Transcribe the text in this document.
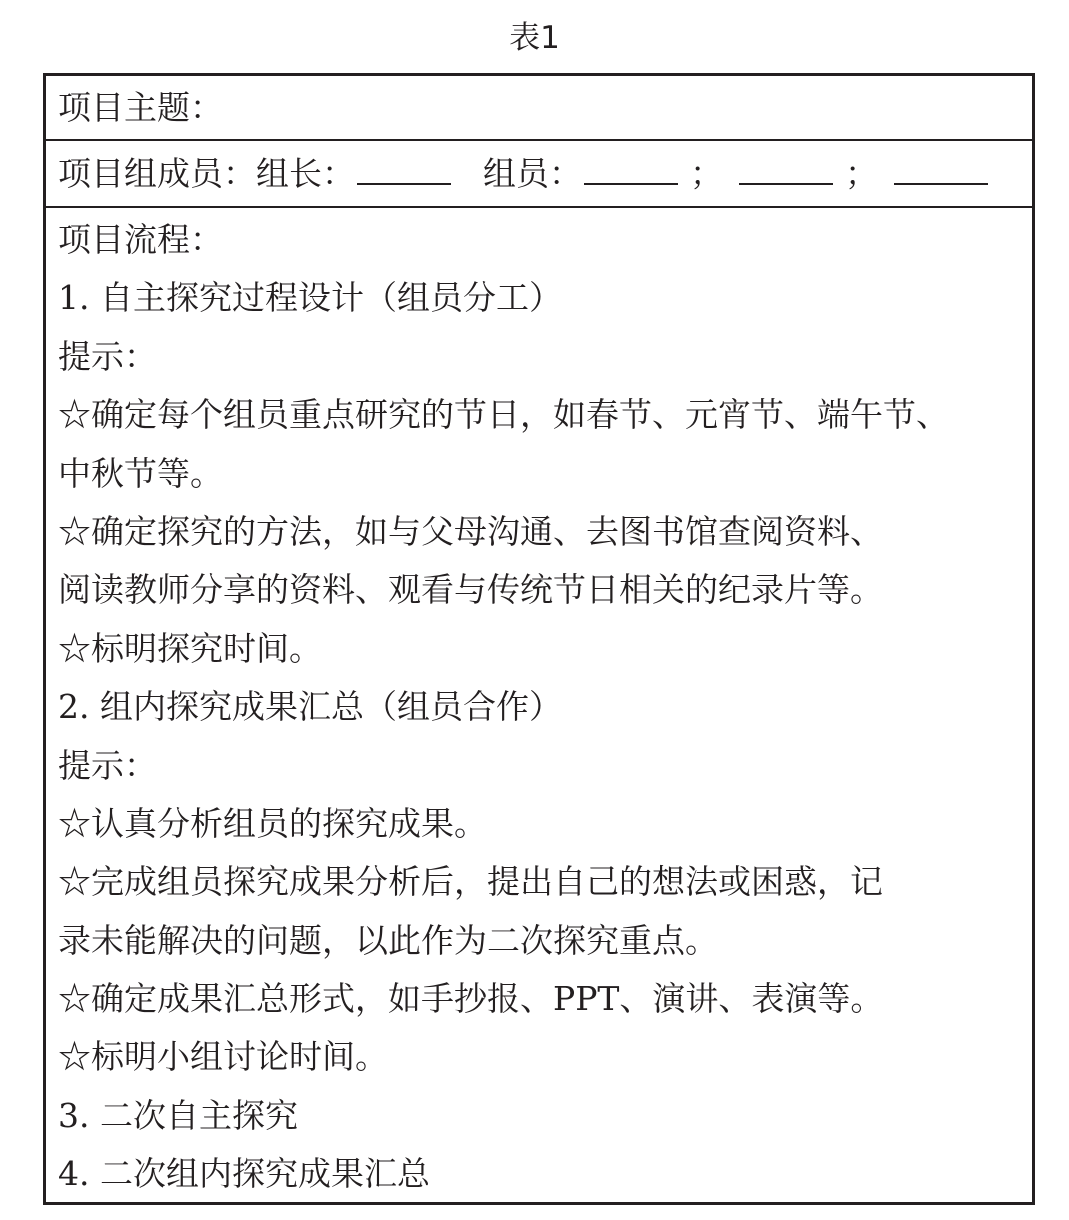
表1
项目主题：
项目组成员：组长：	组员：	；	；
项目流程：
1. 自主探究过程设计（组员分工）
提示：
☆确定每个组员重点研究的节日，如春节、元宵节、端午节、
中秋节等。
☆确定探究的方法，如与父母沟通、去图书馆查阅资料、
阅读教师分享的资料、观看与传统节日相关的纪录片等。
☆标明探究时间。
2. 组内探究成果汇总（组员合作）
提示：
☆认真分析组员的探究成果。
☆完成组员探究成果分析后，提出自己的想法或困惑，记
录未能解决的问题，以此作为二次探究重点。
☆确定成果汇总形式，如手抄报、PPT、演讲、表演等。
☆标明小组讨论时间。
3. 二次自主探究
4. 二次组内探究成果汇总
